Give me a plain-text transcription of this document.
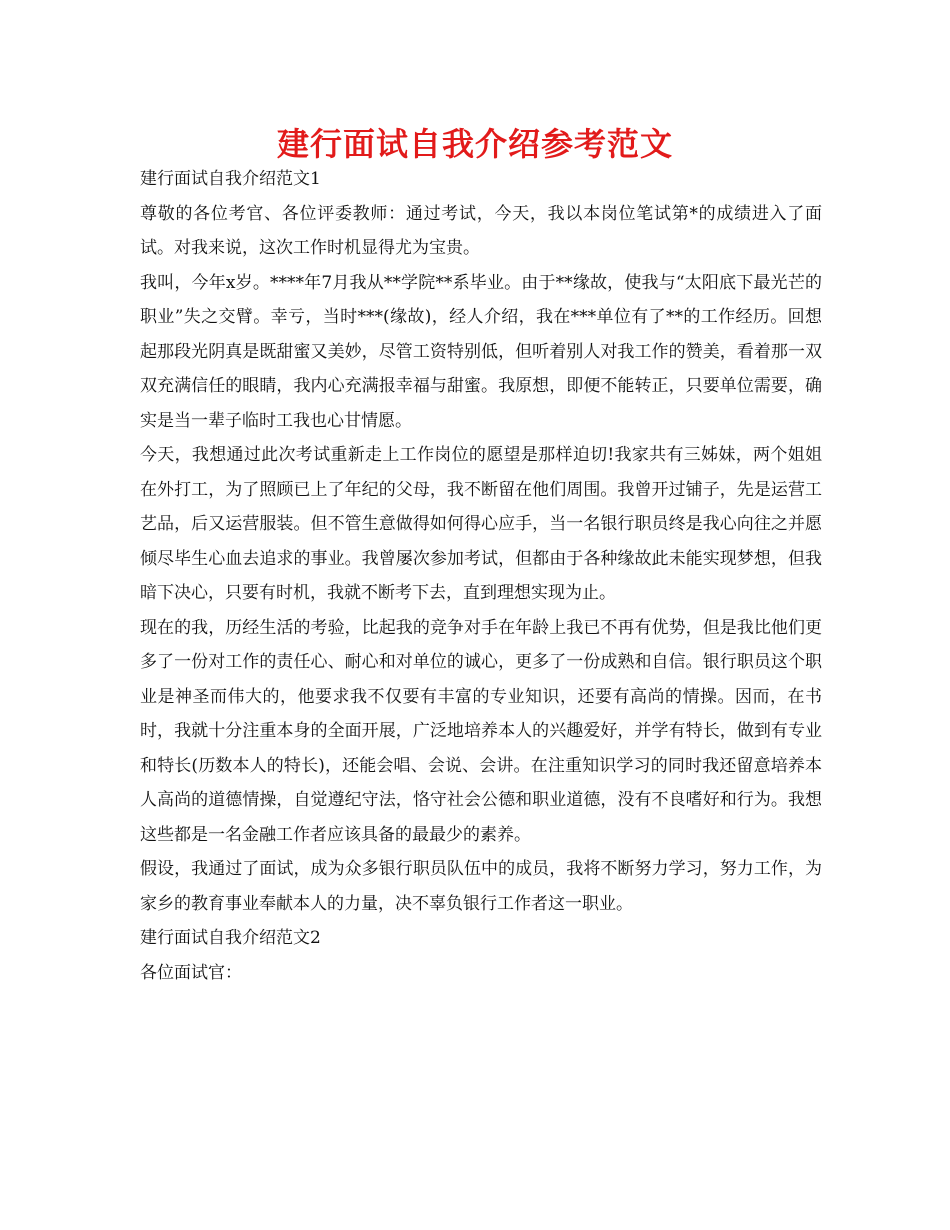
建行面试自我介绍参考范文

建行面试自我介绍范文1

尊敬的各位考官、各位评委教师：通过考试，今天，我以本岗位笔试第*的成绩进入了面试。对我来说，这次工作时机显得尤为宝贵。

我叫，今年x岁。****年7月我从**学院**系毕业。由于**缘故，使我与“太阳底下最光芒的职业”失之交臂。幸亏，当时***(缘故)，经人介绍，我在***单位有了**的工作经历。回想起那段光阴真是既甜蜜又美妙，尽管工资特别低，但听着别人对我工作的赞美，看着那一双双充满信任的眼睛，我内心充满报幸福与甜蜜。我原想，即便不能转正，只要单位需要，确实是当一辈子临时工我也心甘情愿。

今天，我想通过此次考试重新走上工作岗位的愿望是那样迫切!我家共有三姊妹，两个姐姐在外打工，为了照顾已上了年纪的父母，我不断留在他们周围。我曾开过铺子，先是运营工艺品，后又运营服装。但不管生意做得如何得心应手，当一名银行职员终是我心向往之并愿倾尽毕生心血去追求的事业。我曾屡次参加考试，但都由于各种缘故此未能实现梦想，但我暗下决心，只要有时机，我就不断考下去，直到理想实现为止。

现在的我，历经生活的考验，比起我的竞争对手在年龄上我已不再有优势，但是我比他们更多了一份对工作的责任心、耐心和对单位的诚心，更多了一份成熟和自信。银行职员这个职业是神圣而伟大的，他要求我不仅要有丰富的专业知识，还要有高尚的情操。因而，在书时，我就十分注重本身的全面开展，广泛地培养本人的兴趣爱好，并学有特长，做到有专业和特长(历数本人的特长)，还能会唱、会说、会讲。在注重知识学习的同时我还留意培养本人高尚的道德情操，自觉遵纪守法，恪守社会公德和职业道德，没有不良嗜好和行为。我想这些都是一名金融工作者应该具备的最最少的素养。

假设，我通过了面试，成为众多银行职员队伍中的成员，我将不断努力学习，努力工作，为家乡的教育事业奉献本人的力量，决不辜负银行工作者这一职业。

建行面试自我介绍范文2

各位面试官：
